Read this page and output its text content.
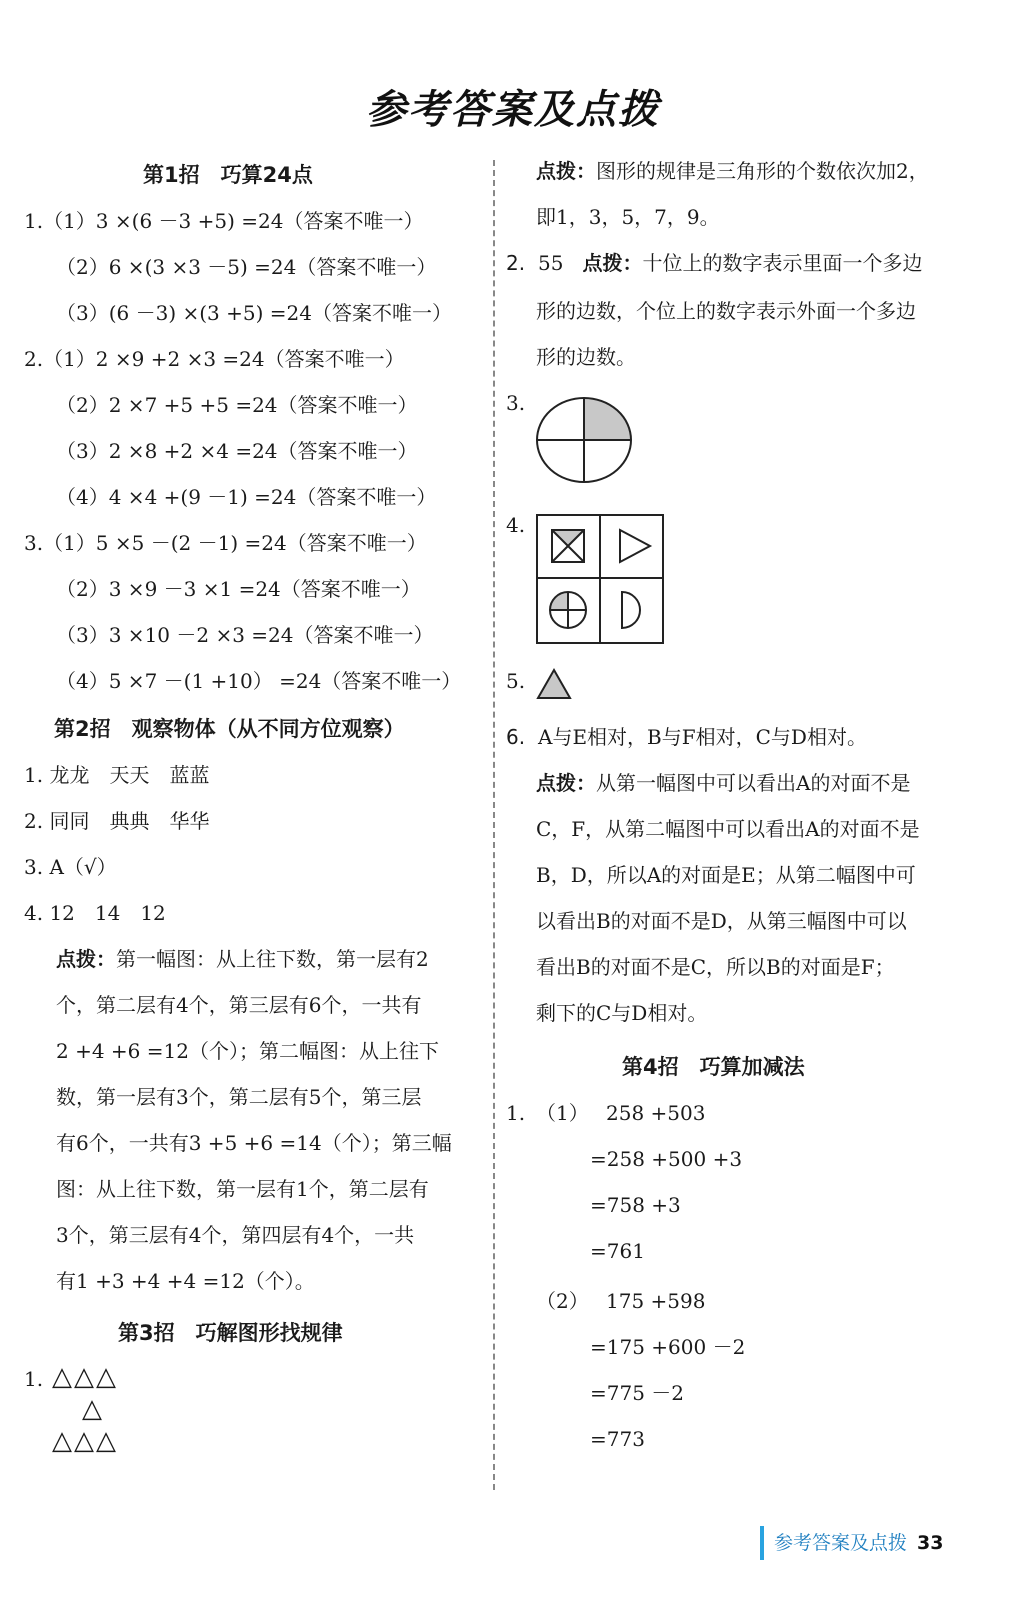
参考答案及点拨
第1招　巧算24点
1.（1）3 ×(6 －3 +5) =24（答案不唯一）
（2）6 ×(3 ×3 －5) =24（答案不唯一）
（3）(6 －3) ×(3 +5) =24（答案不唯一）
2.（1）2 ×9 +2 ×3 =24（答案不唯一）
（2）2 ×7 +5 +5 =24（答案不唯一）
（3）2 ×8 +2 ×4 =24（答案不唯一）
（4）4 ×4 +(9 －1) =24（答案不唯一）
3.（1）5 ×5 －(2 －1) =24（答案不唯一）
（2）3 ×9 －3 ×1 =24（答案不唯一）
（3）3 ×10 －2 ×3 =24（答案不唯一）
（4）5 ×7 －(1 +10） =24（答案不唯一）
第2招　观察物体（从不同方位观察）
1. 龙龙　天天　蓝蓝
2. 同同　典典　华华
3. A（√）
4. 12　14　12
点拨：第一幅图：从上往下数，第一层有2
个，第二层有4个，第三层有6个，一共有
2 +4 +6 =12（个）；第二幅图：从上往下
数，第一层有3个，第二层有5个，第三层
有6个，一共有3 +5 +6 =14（个）；第三幅
图：从上往下数，第一层有1个，第二层有
3个，第三层有4个，第四层有4个，一共
有1 +3 +4 +4 =12（个）。
第3招　巧解图形找规律
1. △△△
△
△△△
点拨：图形的规律是三角形的个数依次加2，
即1，3，5，7，9。
2. 55 点拨：十位上的数字表示里面一个多边
形的边数，个位上的数字表示外面一个多边
形的边数。
3.
4.
5.
6. A与E相对，B与F相对，C与D相对。
点拨：从第一幅图中可以看出A的对面不是
C，F，从第二幅图中可以看出A的对面不是
B，D，所以A的对面是E；从第二幅图中可
以看出B的对面不是D，从第三幅图中可以
看出B的对面不是C，所以B的对面是F；
剩下的C与D相对。
第4招　巧算加减法
1. （1） 258 +503
=258 +500 +3
=758 +3
=761
（2） 175 +598
=175 +600 －2
=775 －2
=773
参考答案及点拨 33
